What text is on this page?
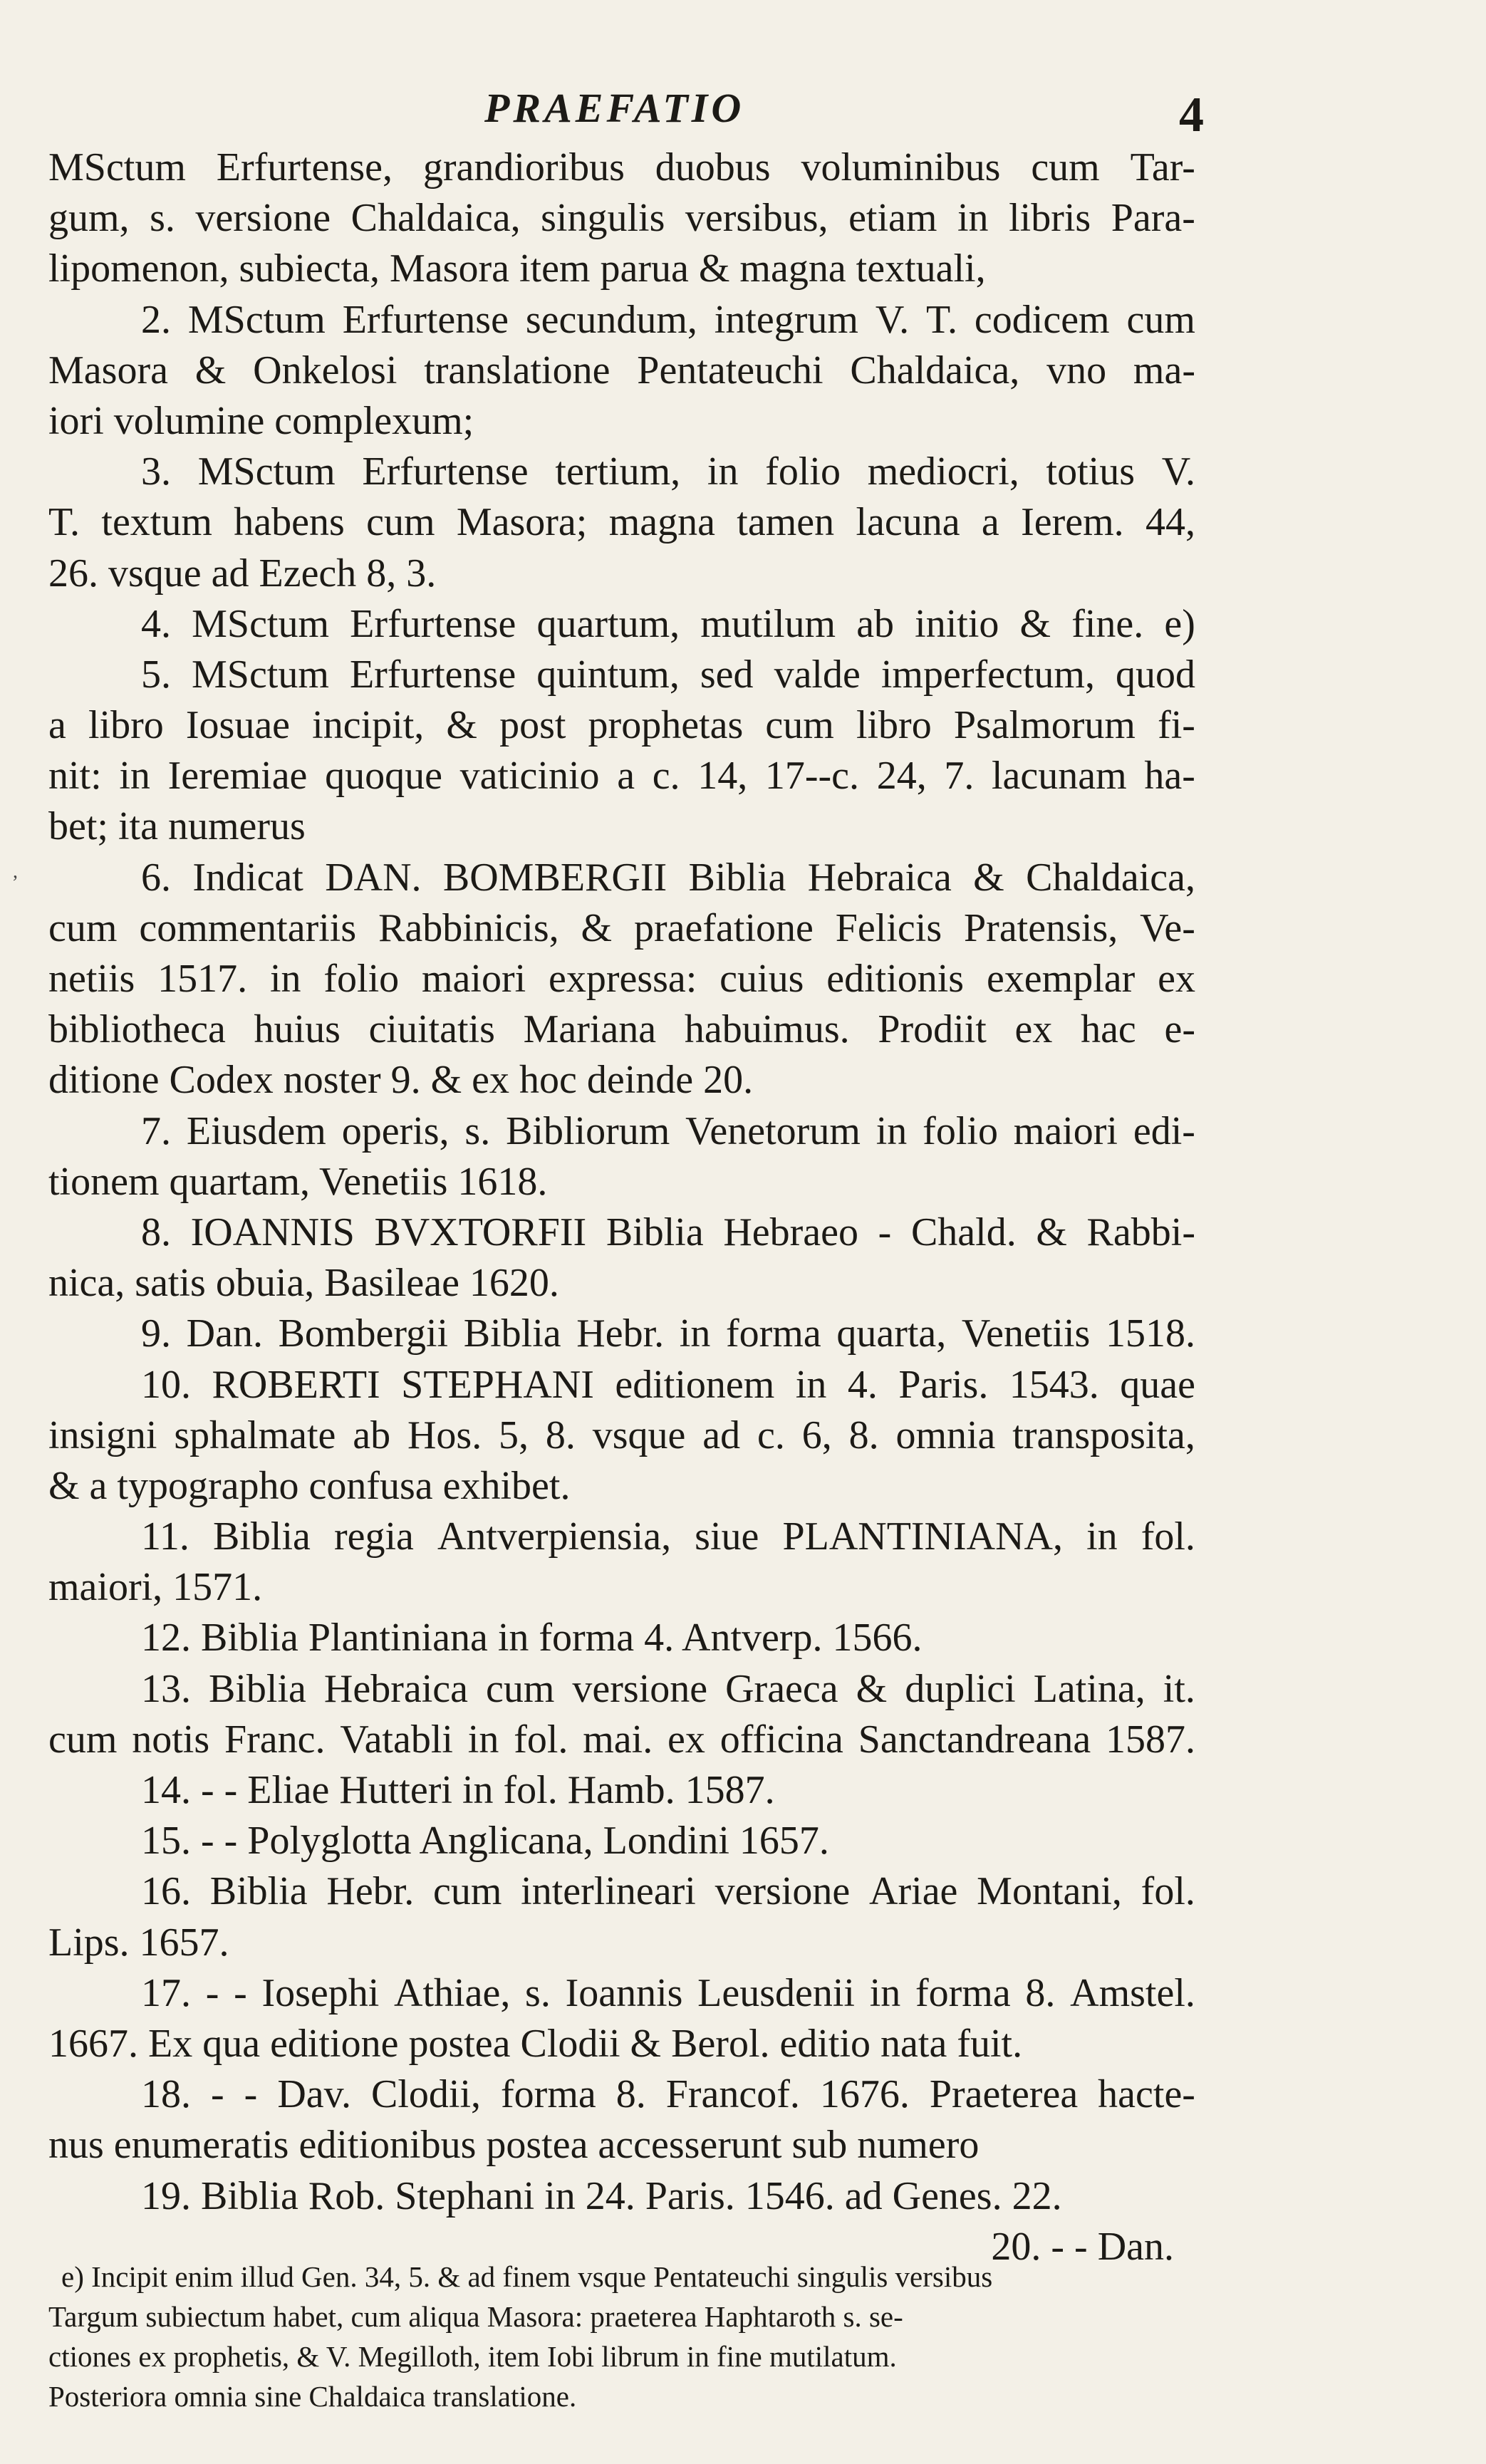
PRAEFATIO	4
,
MSctum Erfurtense, grandioribus duobus voluminibus cum Tar-
gum, s. versione Chaldaica, singulis versibus, etiam in libris Para-
lipomenon, subiecta, Masora item parua & magna textuali,
2. MSctum Erfurtense secundum, integrum V. T. codicem cum
Masora & Onkelosi translatione Pentateuchi Chaldaica, vno ma-
iori volumine complexum;
3. MSctum Erfurtense tertium, in folio mediocri, totius V.
T. textum habens cum Masora; magna tamen lacuna a Ierem. 44,
26. vsque ad Ezech 8, 3.
4. MSctum Erfurtense quartum, mutilum ab initio & fine. e)
5. MSctum Erfurtense quintum, sed valde imperfectum, quod
a libro Iosuae incipit, & post prophetas cum libro Psalmorum fi-
nit: in Ieremiae quoque vaticinio a c. 14, 17--c. 24, 7. lacunam ha-
bet; ita numerus
6. Indicat DAN. BOMBERGII Biblia Hebraica & Chaldaica,
cum commentariis Rabbinicis, & praefatione Felicis Pratensis, Ve-
netiis 1517. in folio maiori expressa: cuius editionis exemplar ex
bibliotheca huius ciuitatis Mariana habuimus. Prodiit ex hac e-
ditione Codex noster 9. & ex hoc deinde 20.
7. Eiusdem operis, s. Bibliorum Venetorum in folio maiori edi-
tionem quartam, Venetiis 1618.
8. IOANNIS BVXTORFII Biblia Hebraeo - Chald. & Rabbi-
nica, satis obuia, Basileae 1620.
9. Dan. Bombergii Biblia Hebr. in forma quarta, Venetiis 1518.
10. ROBERTI STEPHANI editionem in 4. Paris. 1543. quae
insigni sphalmate ab Hos. 5, 8. vsque ad c. 6, 8. omnia transposita,
& a typographo confusa exhibet.
11. Biblia regia Antverpiensia, siue PLANTINIANA, in fol.
maiori, 1571.
12. Biblia Plantiniana in forma 4. Antverp. 1566.
13. Biblia Hebraica cum versione Graeca & duplici Latina, it.
cum notis Franc. Vatabli in fol. mai. ex officina Sanctandreana 1587.
14. - - Eliae Hutteri in fol. Hamb. 1587.
15. - - Polyglotta Anglicana, Londini 1657.
16. Biblia Hebr. cum interlineari versione Ariae Montani, fol.
Lips. 1657.
17. - - Iosephi Athiae, s. Ioannis Leusdenii in forma 8. Amstel.
1667. Ex qua editione postea Clodii & Berol. editio nata fuit.
18. - - Dav. Clodii, forma 8. Francof. 1676. Praeterea hacte-
nus enumeratis editionibus postea accesserunt sub numero
19. Biblia Rob. Stephani in 24. Paris. 1546. ad Genes. 22.
20. - - Dan.
e) Incipit enim illud Gen. 34, 5. & ad finem vsque Pentateuchi singulis versibus
Targum subiectum habet, cum aliqua Masora: praeterea Haphtaroth s. se-
ctiones ex prophetis, & V. Megilloth, item Iobi librum in fine mutilatum.
Posteriora omnia sine Chaldaica translatione.
